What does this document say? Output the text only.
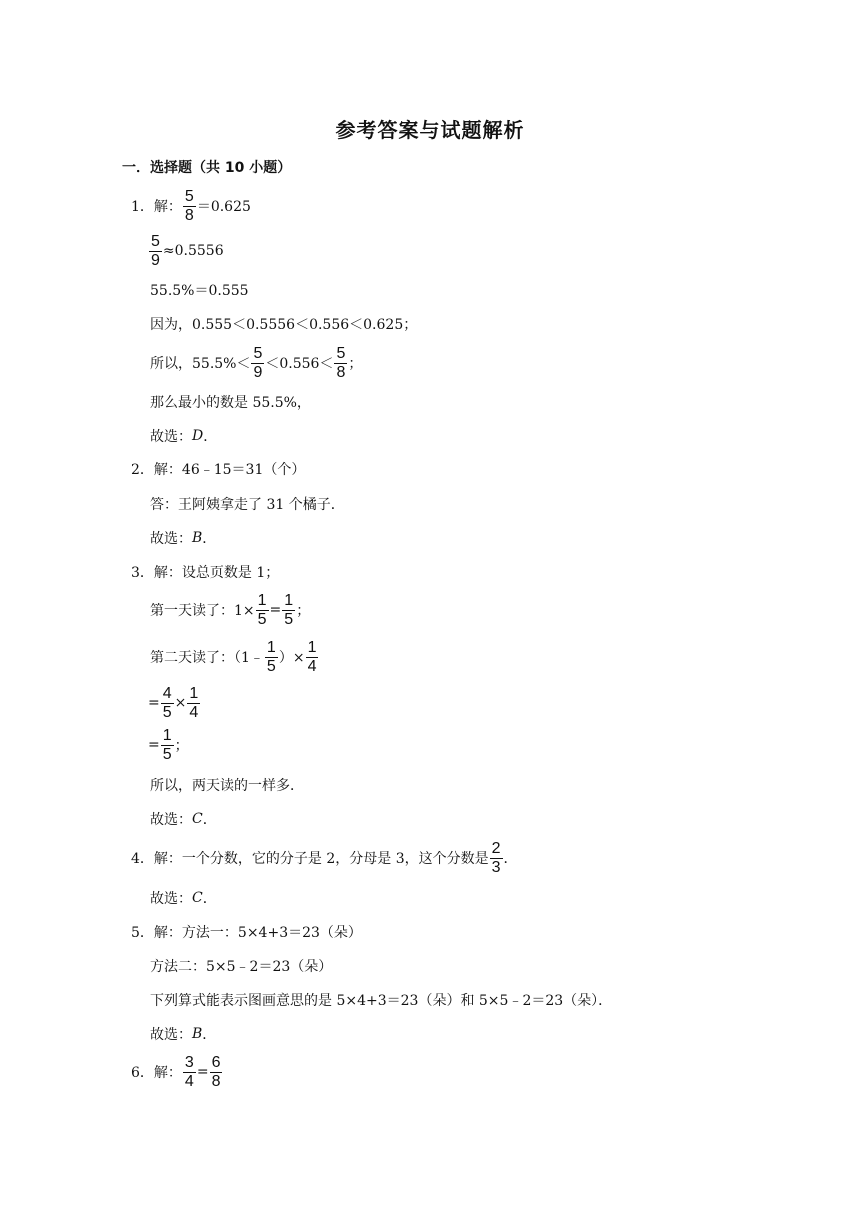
参考答案与试题解析
一．选择题（共 10 小题）
1．解： $\frac{5}{8} =0.625$
$\frac{5}{9} \approx 0.5556$
55.5%＝0.555
因为，0.555＜0.5556＜0.556＜0.625；
所以，$55.5\%< \frac{5}{9} <0.556< \frac{5}{8}$ ；
那么最小的数是 55.5%，
故选： D ．
2．解： 46﹣15＝31（个）
答：王阿姨拿走了 31 个橘子．
故选： B ．
3．解： 设总页数是 1；
第一天读了：$1\times \frac{1}{5} = \frac{1}{5}$ ；
第二天读了：（1﹣ $\frac{1}{5}$ ）× $\frac{1}{4}$
= $\frac{4}{5} \times \frac{1}{4}$
= $\frac{1}{5}$ ；
所以，两天读的一样多．
故选： C ．
4．解： 一个分数，它的分子是 2，分母是 3，这个分数是 $\frac{2}{3}$ ．
故选： C ．
5．解： 方法一：5×4+3＝23（朵）
方法二：5×5﹣2＝23（朵）
下列算式能表示图画意思的是 5×4+3＝23（朵）和 5×5﹣2＝23（朵）．
故选： B ．
6．解： $\frac{3}{4} = \frac{6}{8}$
